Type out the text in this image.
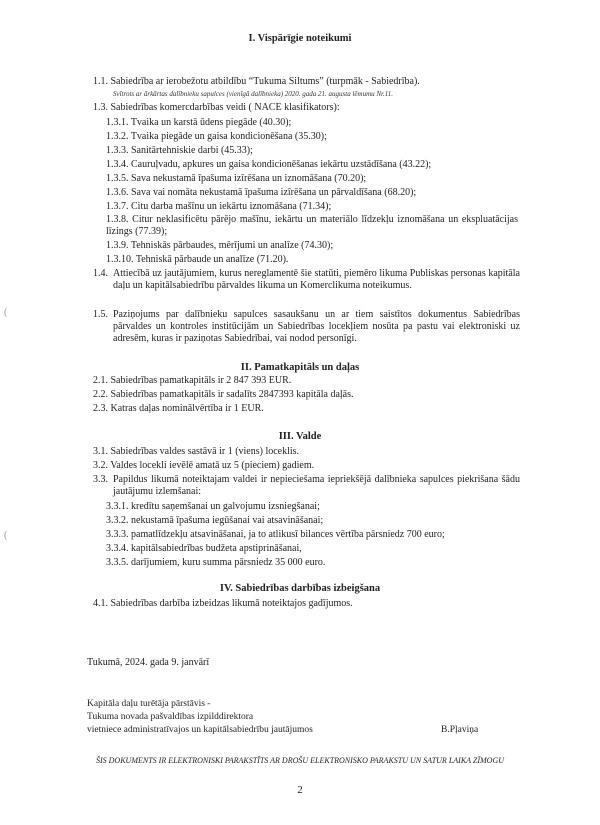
I. Vispārīgie noteikumi
1.1. Sabiedrība ar ierobežotu atbildību “Tukuma Siltums” (turpmāk - Sabiedrība).
Svītrots ar ārkārtas dalībnieku sapulces (vienīgā dalībnieka) 2020. gada 21. augusta lēmumu Nr.11.
1.3. Sabiedrības komercdarbības veidi ( NACE klasifikators):
1.3.1. Tvaika un karstā ūdens piegāde (40.30);
1.3.2. Tvaika piegāde un gaisa kondicionēšana (35.30);
1.3.3. Sanitārtehniskie darbi (45.33);
1.3.4. Cauruļvadu, apkures un gaisa kondicionēšanas iekārtu uzstādīšana (43.22);
1.3.5. Sava nekustamā īpašuma izīrēšana un iznomāšana (70.20);
1.3.6. Sava vai nomāta nekustamā īpašuma izīrēšana un pārvaldīšana (68.20);
1.3.7. Citu darba mašīnu un iekārtu iznomāšana (71.34);
1.3.8. Citur neklasificētu pārējo mašīnu, iekārtu un materiālo līdzekļu iznomāšana un ekspluatācijas līzings (77.39);
1.3.9. Tehniskās pārbaudes, mērījumi un analīze (74.30);
1.3.10. Tehniskā pārbaude un analīze (71.20).
1.4. Attiecībā uz jautājumiem, kurus nereglamentē šie statūti, piemēro likuma Publiskas personas kapitāla daļu un kapitālsabiedrību pārvaldes likuma un Komerclikuma noteikumus.
1.5. Paziņojums par dalībnieku sapulces sasaukšanu un ar tiem saistītos dokumentus Sabiedrības pārvaldes un kontroles institūcijām un Sabiedrības locekļiem nosūta pa pastu vai elektroniski uz adresēm, kuras ir paziņotas Sabiedrībai, vai nodod personīgi.
II. Pamatkapitāls un daļas
2.1. Sabiedrības pamatkapitāls ir 2 847 393 EUR.
2.2. Sabiedrības pamatkapitāls ir sadalīts 2847393 kapitāla daļās.
2.3. Katras daļas nominālvērtība ir 1 EUR.
III. Valde
3.1. Sabiedrības valdes sastāvā ir 1 (viens) loceklis.
3.2. Valdes locekli ievēlē amatā uz 5 (pieciem) gadiem.
3.3. Papildus likumā noteiktajam valdei ir nepieciešama iepriekšējā dalībnieka sapulces piekrišana šādu jautājumu izlemšanai:
3.3.1. kredītu saņemšanai un galvojumu izsniegšanai;
3.3.2. nekustamā īpašuma iegūšanai vai atsavināšanai;
3.3.3. pamatlīdzekļu atsavināšanai, ja to atlikusī bilances vērtība pārsniedz 700 euro;
3.3.4. kapitālsabiedrības budžeta apstiprināšanai,
3.3.5. darījumiem, kuru summa pārsniedz 35 000 euro.
IV. Sabiedrības darbības izbeigšana
4.1. Sabiedrības darbība izbeidzas likumā noteiktajos gadījumos.
Tukumā, 2024. gada 9. janvārī
Kapitāla daļu turētāja pārstāvis -
Tukuma novada pašvaldības izpilddirektora
vietniece administratīvajos un kapitālsabiedrību jautājumos	B.Pļaviņa
ŠIS DOKUMENTS IR ELEKTRONISKI PARAKSTĪTS AR DROŠU ELEKTRONISKO PARAKSTU UN SATUR LAIKA ZĪMOGU
2
(
(
